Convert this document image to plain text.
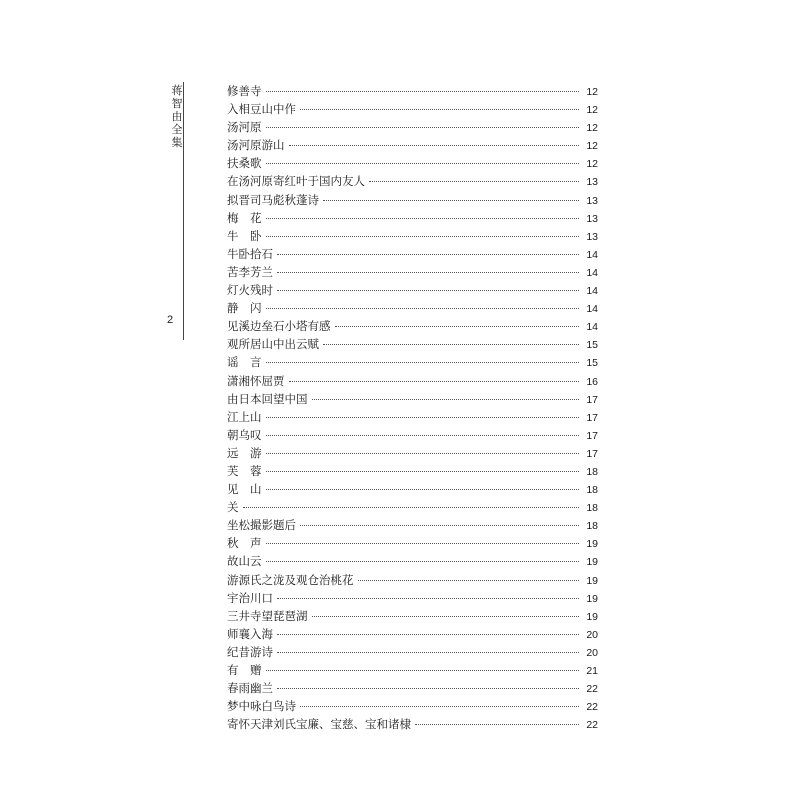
蒋智由全集
2
修善寺	12
入相豆山中作	12
汤河原	12
汤河原游山	12
扶桑歌	12
在汤河原寄红叶于国内友人	13
拟晋司马彪秋蓬诗	13
梅　花	13
牛　卧	13
牛卧拾石	14
苦李芳兰	14
灯火残时	14
静　闪	14
见溪边垒石小塔有感	14
观所居山中出云赋	15
谣　言	15
潇湘怀屈贾	16
由日本回望中国	17
江上山	17
朝乌叹	17
远　游	17
芙　蓉	18
见　山	18
关	18
坐松撮影题后	18
秋　声	19
故山云	19
游源氏之泷及观仓治桃花	19
宇治川口	19
三井寺望琵琶湖	19
师襄入海	20
纪昔游诗	20
有　赠	21
春雨幽兰	22
梦中咏白鸟诗	22
寄怀天津刘氏宝廉、宝慈、宝和诸棣	22
